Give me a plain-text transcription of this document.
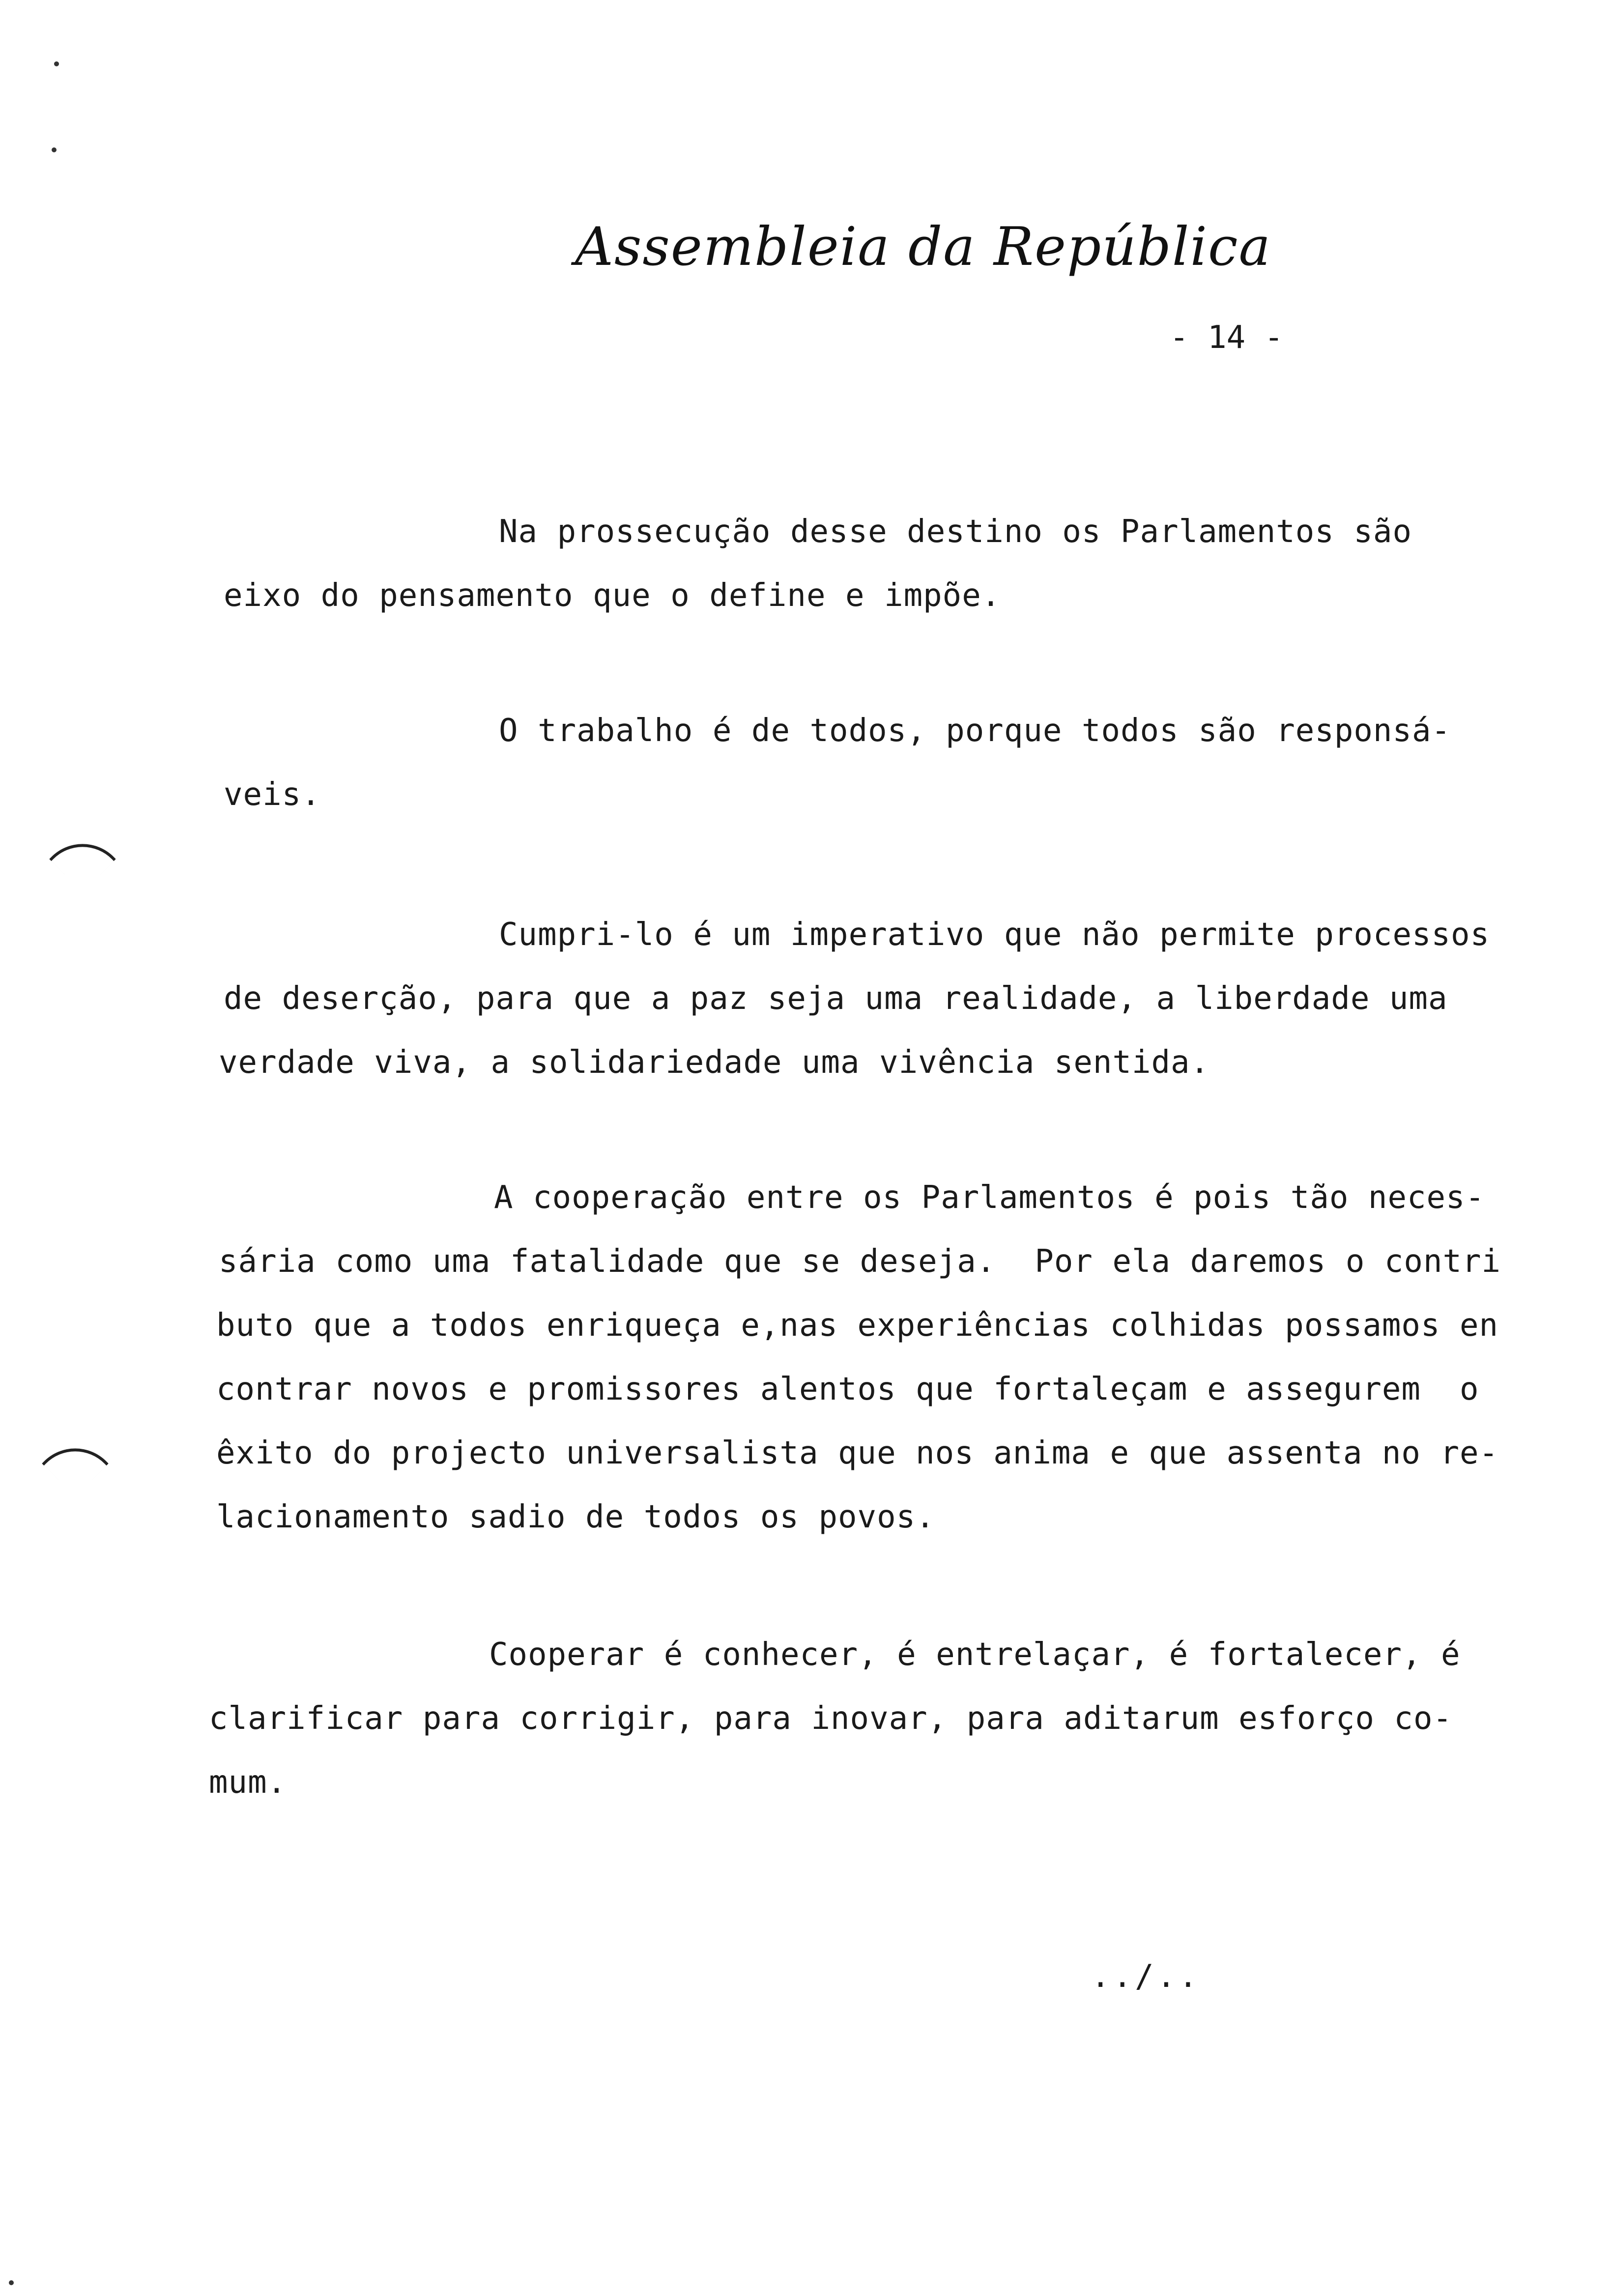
Assembleia da República
- 14 -
Na prossecução desse destino os Parlamentos são
eixo do pensamento que o define e impõe.
O trabalho é de todos, porque todos são responsá-
veis.
Cumpri-lo é um imperativo que não permite processos
de deserção, para que a paz seja uma realidade, a liberdade uma
verdade viva, a solidariedade uma vivência sentida.
A cooperação entre os Parlamentos é pois tão neces-
sária como uma fatalidade que se deseja.  Por ela daremos o contri
buto que a todos enriqueça e,nas experiências colhidas possamos en
contrar novos e promissores alentos que fortaleçam e assegurem  o
êxito do projecto universalista que nos anima e que assenta no re-
lacionamento sadio de todos os povos.
Cooperar é conhecer, é entrelaçar, é fortalecer, é
clarificar para corrigir, para inovar, para aditarum esforço co-
mum.
../..
